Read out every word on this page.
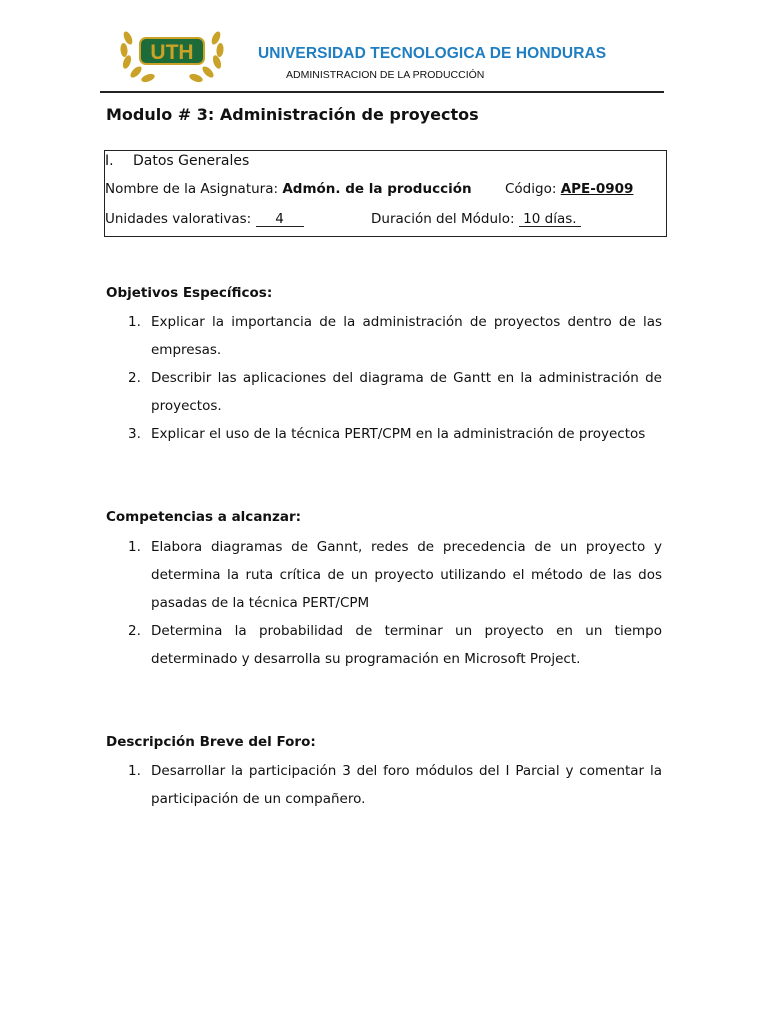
UTH	UNIVERSIDAD TECNOLOGICA DE HONDURAS
ADMINISTRACION DE LA PRODUCCIÓN
Modulo # 3: Administración de proyectos
I. Datos Generales
Nombre de la Asignatura: Admón. de la producción Código: APE-0909
Unidades valorativas: 4	Duración del Módulo: 10 días.
Objetivos Específicos:
1. Explicar la importancia de la administración de proyectos dentro de las empresas.
2. Describir las aplicaciones del diagrama de Gantt en la administración de proyectos.
3. Explicar el uso de la técnica PERT/CPM en la administración de proyectos
Competencias a alcanzar:
1. Elabora diagramas de Gannt, redes de precedencia de un proyecto y determina la ruta crítica de un proyecto utilizando el método de las dos pasadas de la técnica PERT/CPM
2. Determina la probabilidad de terminar un proyecto en un tiempo determinado y desarrolla su programación en Microsoft Project.
Descripción Breve del Foro:
1. Desarrollar la participación 3 del foro módulos del I Parcial y comentar la participación de un compañero.
